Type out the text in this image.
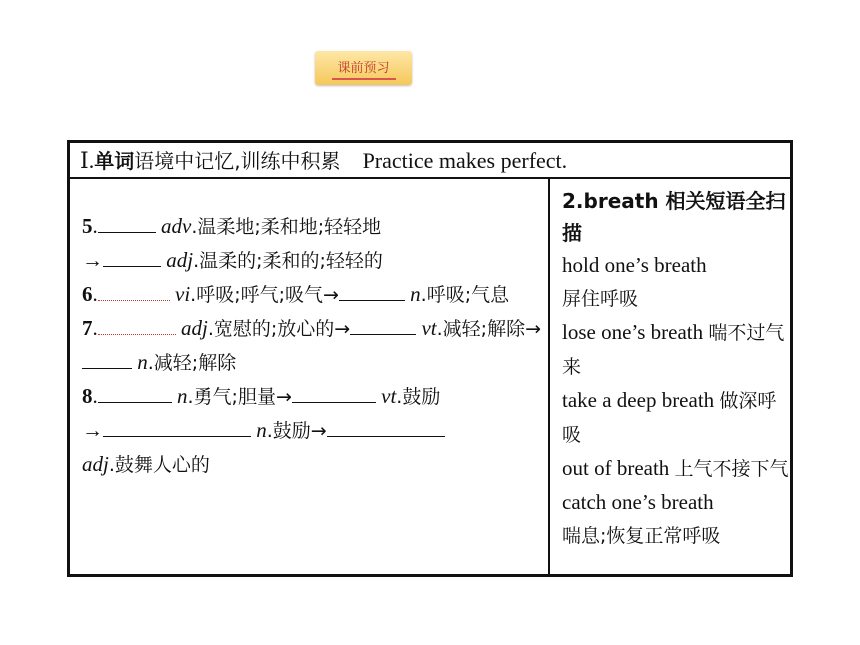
课前预习
Ⅰ.单词语境中记忆,训练中积累 Practice makes perfect.
5.	adv.温柔地;柔和地;轻轻地
→	adj.温柔的;柔和的;轻轻的
6.	vi.呼吸;呼气;吸气→	n.呼吸;气息
7.	adj.宽慰的;放心的→	vt.减轻;解除→ n.减轻;解除
8.	n.勇气;胆量→	vt.鼓励
→	n.鼓励→
adj.鼓舞人心的
2.breath 相关短语全扫描
hold one’s breath
屏住呼吸
lose one’s breath 喘不过气来
take a deep breath 做深呼吸
out of breath 上气不接下气
catch one’s breath
喘息;恢复正常呼吸
